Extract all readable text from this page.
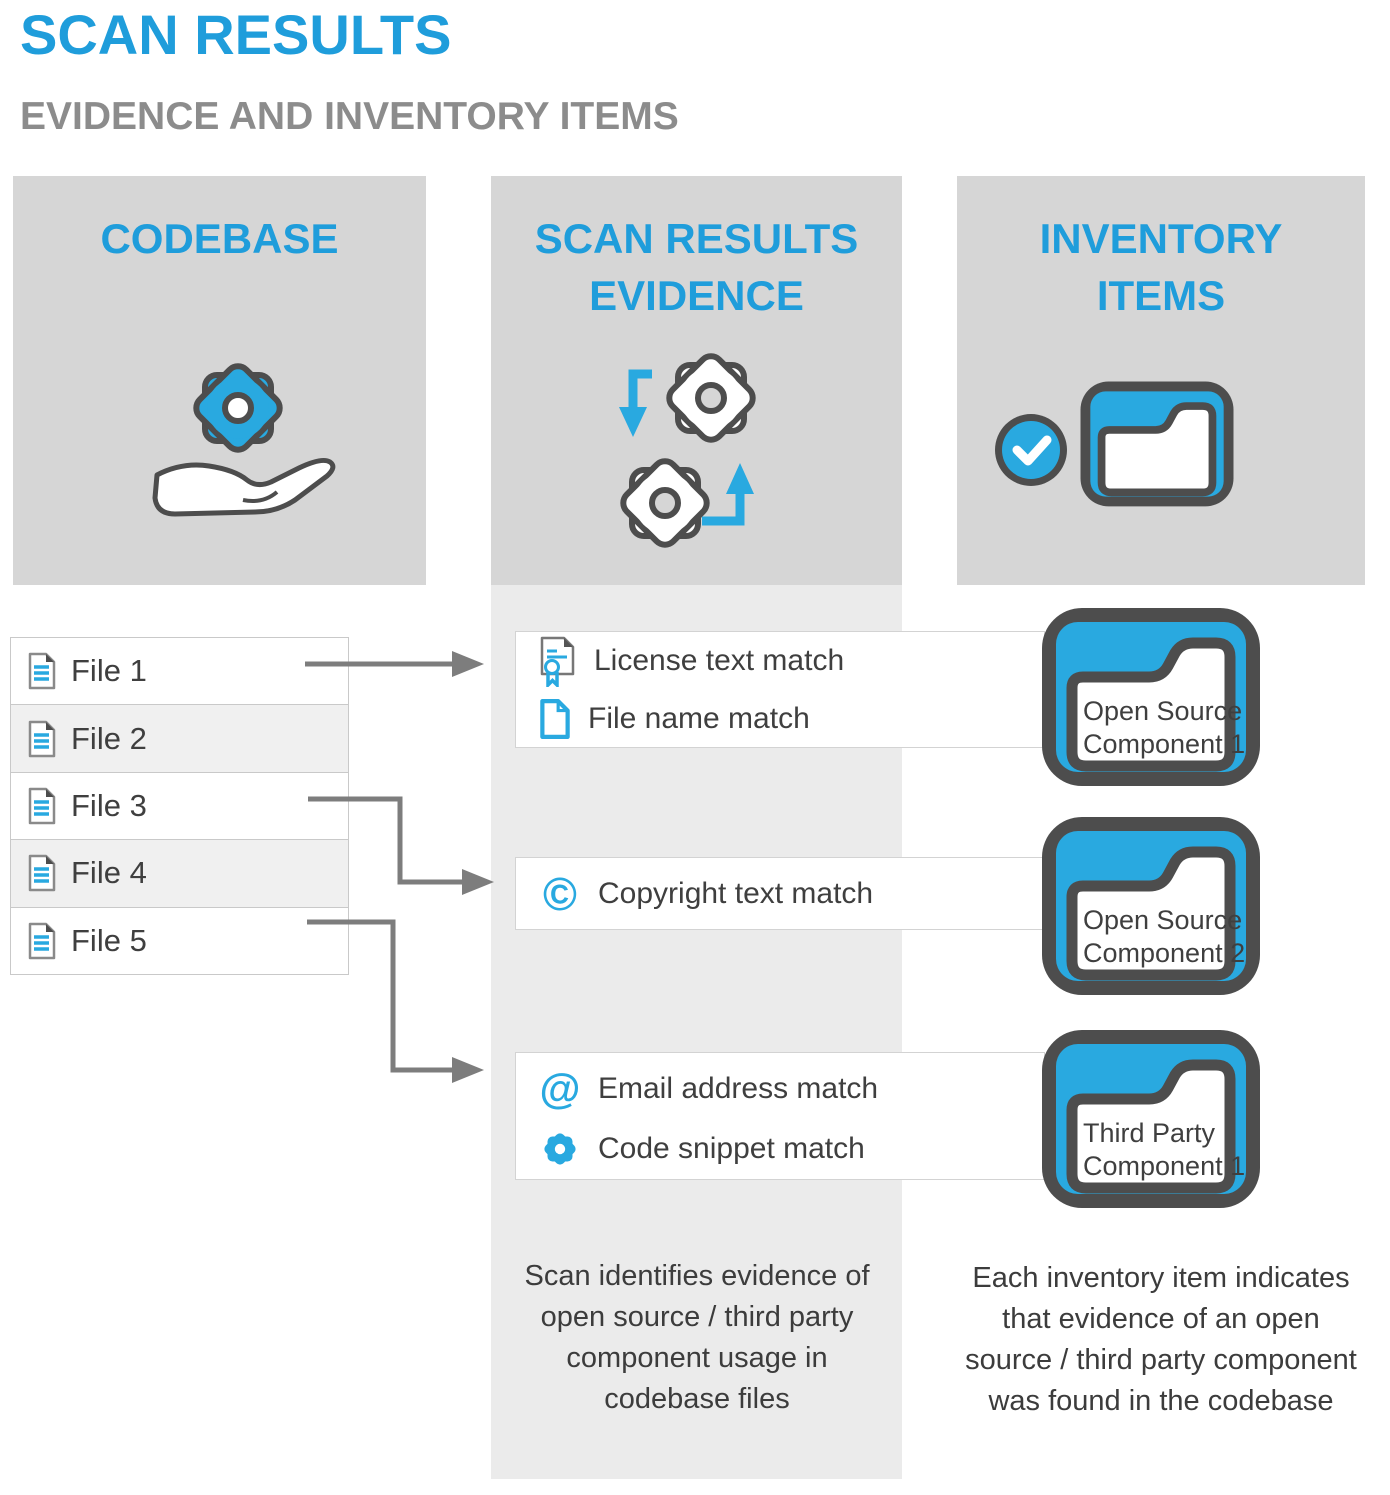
SCAN RESULTS
EVIDENCE AND INVENTORY ITEMS
CODEBASE	SCAN RESULTS
EVIDENCE
INVENTORY
ITEMS
File 1
File 2
File 3
File 4
File 5
License text match
File name match
© Copyright text match
@ Email address match
Code snippet match
Open Source Component 1
Open Source Component 2
Third Party Component 1
Scan identifies evidence of open source / third party component usage in codebase files
Each inventory item indicates that evidence of an open source / third party component was found in the codebase
